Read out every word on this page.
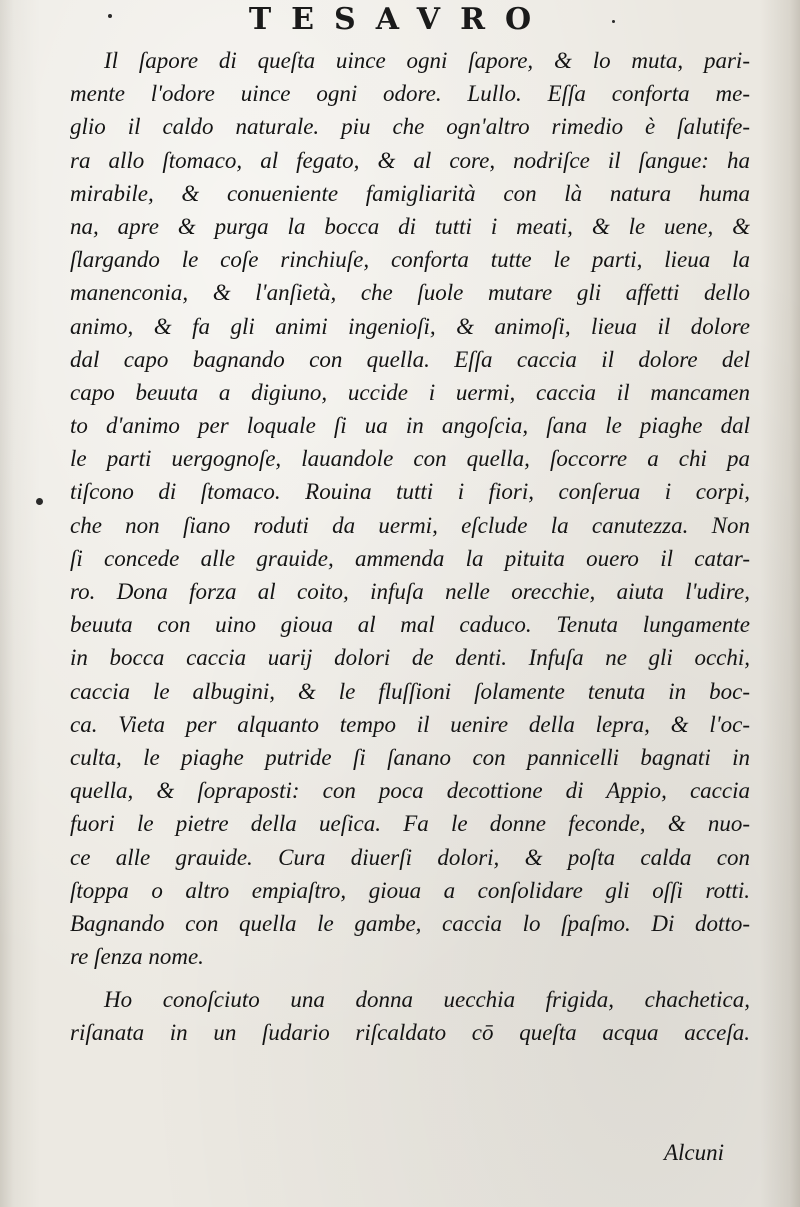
TESAVRO
Il ſapore di queſta uince ogni ſapore, & lo muta, pari-
mente l'odore uince ogni odore. Lullo. Eſſa conforta me-
glio il caldo naturale. piu che ogn'altro rimedio è ſalutife-
ra allo ſtomaco, al fegato, & al core, nodriſce il ſangue: ha
mirabile, & conueniente famigliarità con là natura huma
na, apre & purga la bocca di tutti i meati, & le uene, &
ſlargando le coſe rinchiuſe, conforta tutte le parti, lieua la
manenconia, & l'anſietà, che ſuole mutare gli affetti dello
animo, & fa gli animi ingenioſi, & animoſi, lieua il dolore
dal capo bagnando con quella. Eſſa caccia il dolore del
capo beuuta a digiuno, uccide i uermi, caccia il mancamen
to d'animo per loquale ſi ua in angoſcia, ſana le piaghe dal
le parti uergognoſe, lauandole con quella, ſoccorre a chi pa
tiſcono di ſtomaco. Rouina tutti i fiori, conſerua i corpi,
che non ſiano roduti da uermi, eſclude la canutezza. Non
ſi concede alle grauide, ammenda la pituita ouero il catar-
ro. Dona forza al coito, infuſa nelle orecchie, aiuta l'udire,
beuuta con uino gioua al mal caduco. Tenuta lungamente
in bocca caccia uarij dolori de denti. Infuſa ne gli occhi,
caccia le albugini, & le fluſſioni ſolamente tenuta in boc-
ca. Vieta per alquanto tempo il uenire della lepra, & l'oc-
culta, le piaghe putride ſi ſanano con pannicelli bagnati in
quella, & ſopraposti: con poca decottione di Appio, caccia
fuori le pietre della ueſica. Fa le donne feconde, & nuo-
ce alle grauide. Cura diuerſi dolori, & poſta calda con
ſtoppa o altro empiaſtro, gioua a conſolidare gli oſſi rotti.
Bagnando con quella le gambe, caccia lo ſpaſmo. Di dotto-
re ſenza nome.
Ho conoſciuto una donna uecchia frigida, chachetica,
riſanata in un ſudario riſcaldato cō queſta acqua acceſa.
Alcuni
